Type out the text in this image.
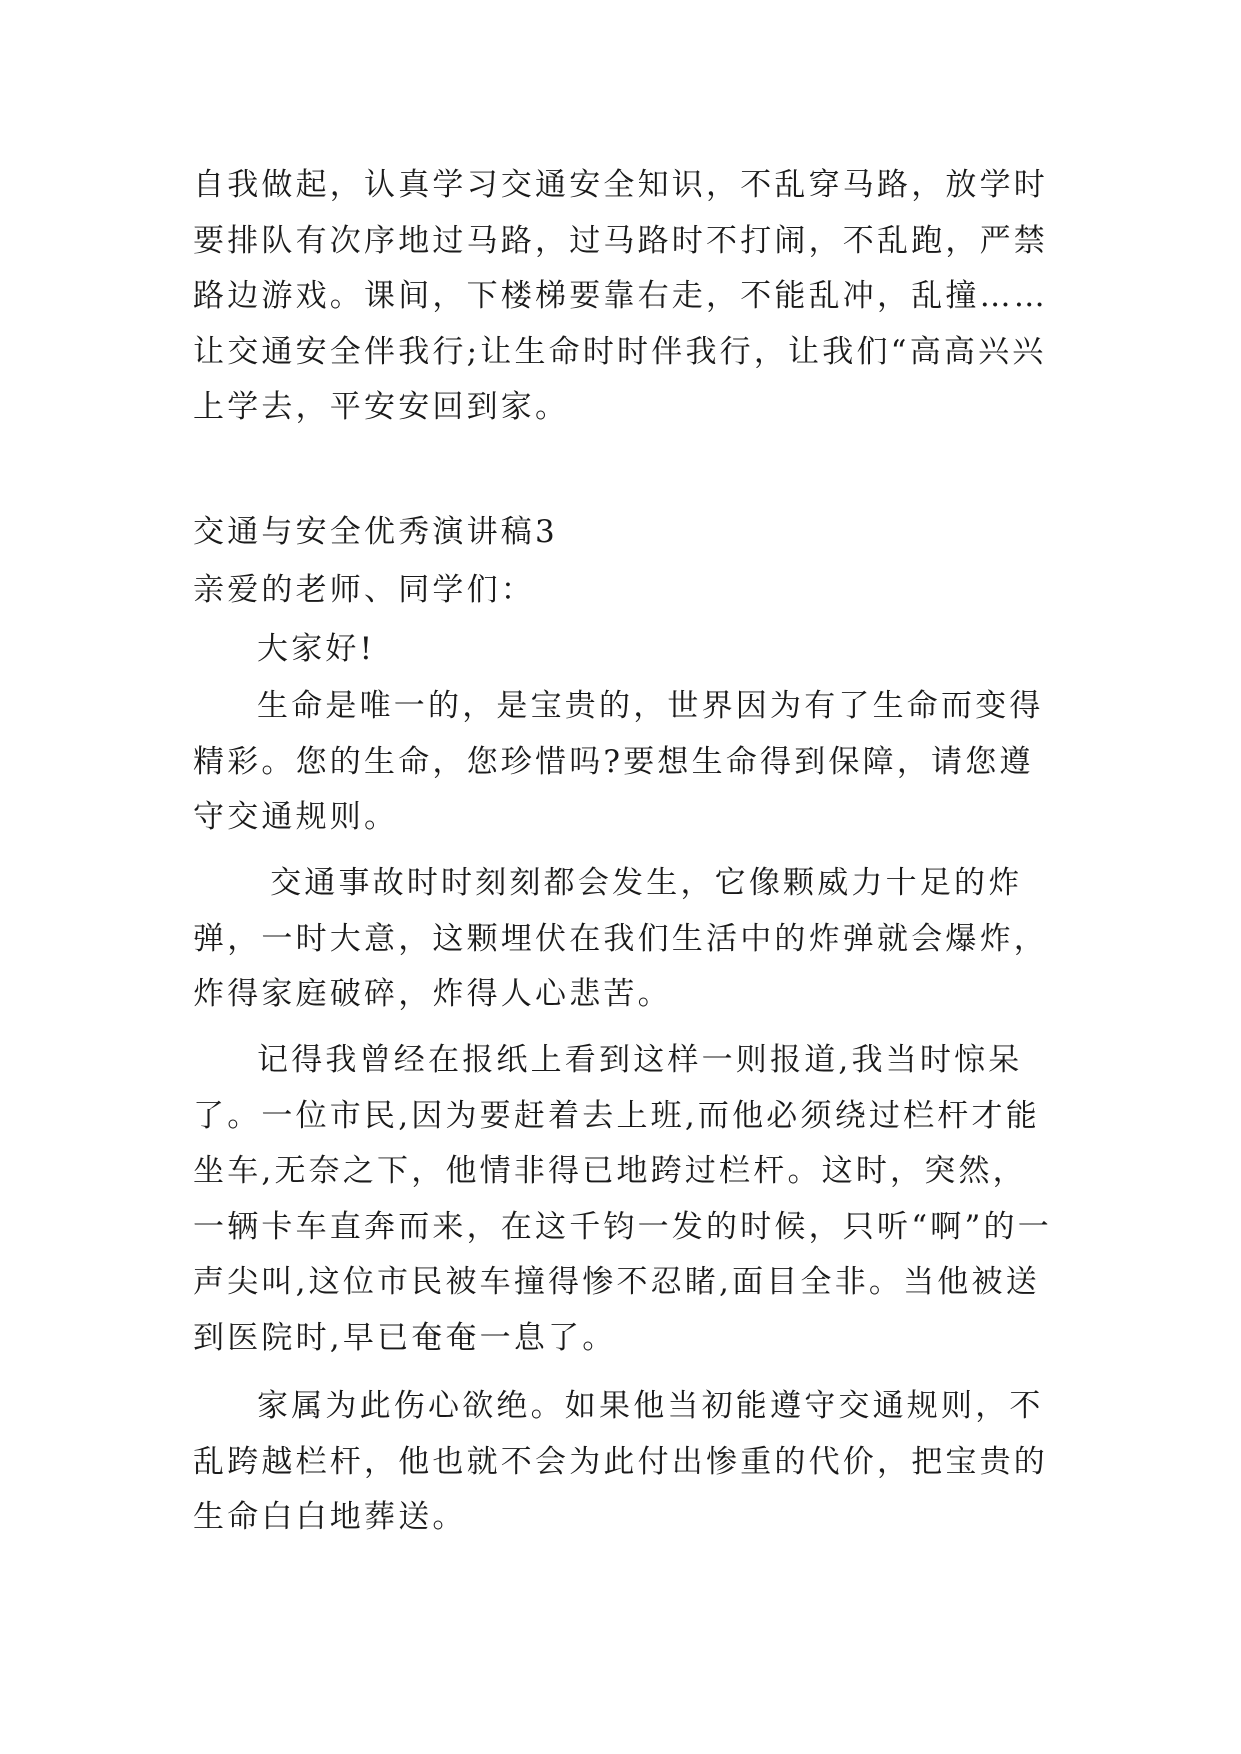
自我做起，认真学习交通安全知识，不乱穿马路，放学时要排队有次序地过马路，过马路时不打闹，不乱跑，严禁路边游戏。课间，下楼梯要靠右走，不能乱冲，乱撞……让交通安全伴我行;让生命时时伴我行，让我们“高高兴兴上学去，平安安回到家。
交通与安全优秀演讲稿3
亲爱的老师、同学们：
大家好!
生命是唯一的，是宝贵的，世界因为有了生命而变得精彩。您的生命，您珍惜吗?要想生命得到保障，请您遵守交通规则。
交通事故时时刻刻都会发生，它像颗威力十足的炸弹，一时大意，这颗埋伏在我们生活中的炸弹就会爆炸，炸得家庭破碎，炸得人心悲苦。
记得我曾经在报纸上看到这样一则报道,我当时惊呆了。一位市民,因为要赶着去上班,而他必须绕过栏杆才能坐车,无奈之下，他情非得已地跨过栏杆。这时，突然，一辆卡车直奔而来，在这千钧一发的时候，只听“啊”的一声尖叫,这位市民被车撞得惨不忍睹,面目全非。当他被送到医院时,早已奄奄一息了。
家属为此伤心欲绝。如果他当初能遵守交通规则，不乱跨越栏杆，他也就不会为此付出惨重的代价，把宝贵的生命白白地葬送。
